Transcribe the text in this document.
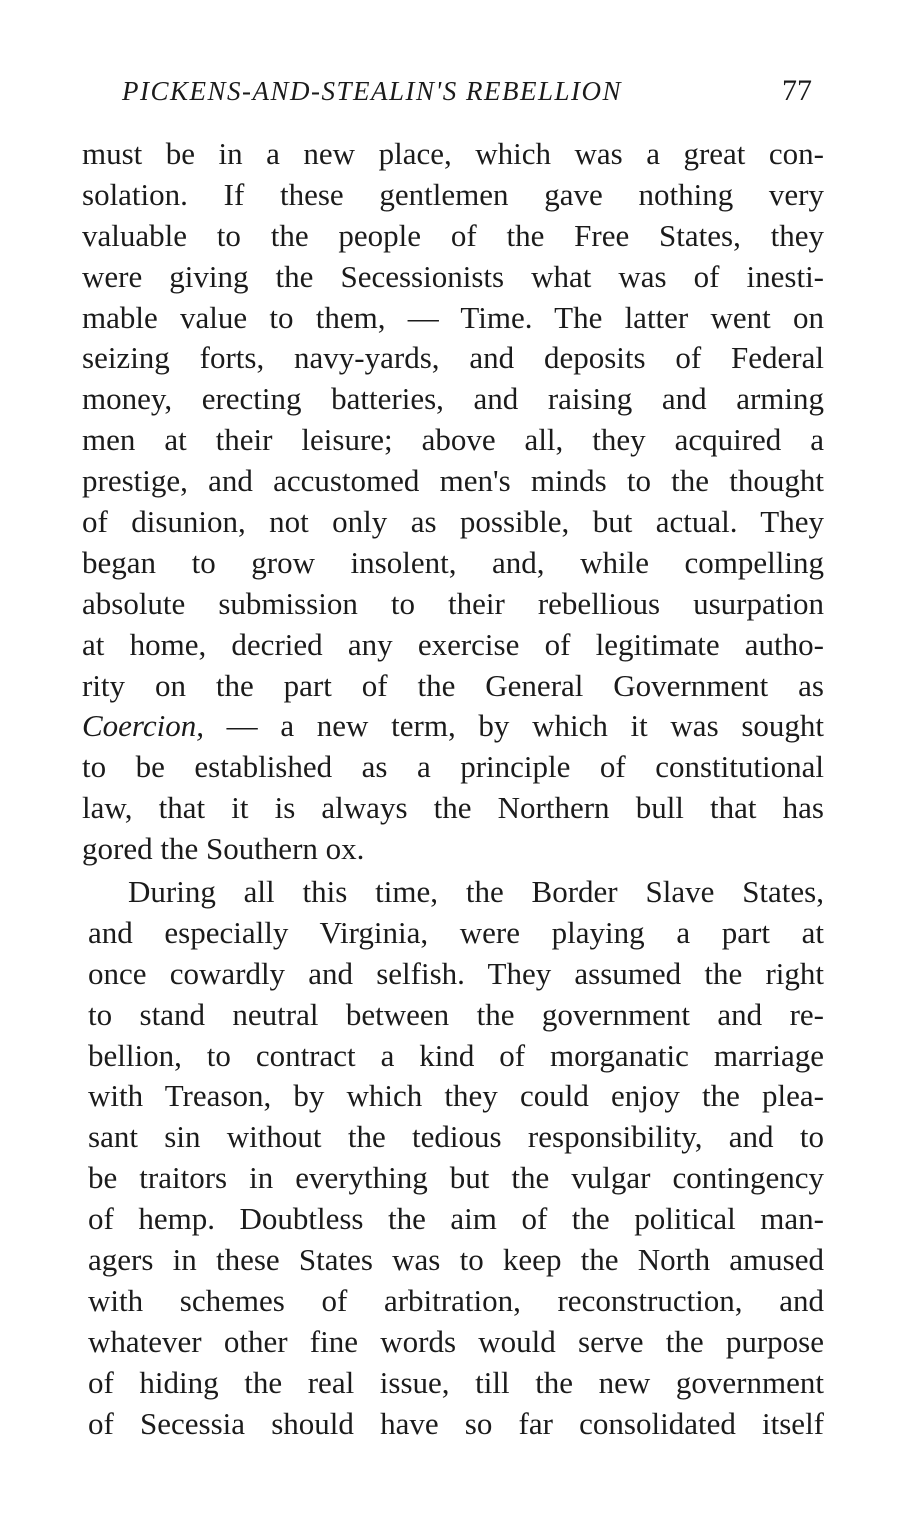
PICKENS-AND-STEALIN'S REBELLION	77
must be in a new place, which was a great con-
solation. If these gentlemen gave nothing very
valuable to the people of the Free States, they
were giving the Secessionists what was of inesti-
mable value to them, — Time. The latter went on
seizing forts, navy-yards, and deposits of Federal
money, erecting batteries, and raising and arming
men at their leisure; above all, they acquired a
prestige, and accustomed men's minds to the thought
of disunion, not only as possible, but actual. They
began to grow insolent, and, while compelling
absolute submission to their rebellious usurpation
at home, decried any exercise of legitimate autho-
rity on the part of the General Government as
Coercion, — a new term, by which it was sought
to be established as a principle of constitutional
law, that it is always the Northern bull that has
gored the Southern ox.
During all this time, the Border Slave States,
and especially Virginia, were playing a part at
once cowardly and selfish. They assumed the right
to stand neutral between the government and re-
bellion, to contract a kind of morganatic marriage
with Treason, by which they could enjoy the plea-
sant sin without the tedious responsibility, and to
be traitors in everything but the vulgar contingency
of hemp. Doubtless the aim of the political man-
agers in these States was to keep the North amused
with schemes of arbitration, reconstruction, and
whatever other fine words would serve the purpose
of hiding the real issue, till the new government
of Secessia should have so far consolidated itself
